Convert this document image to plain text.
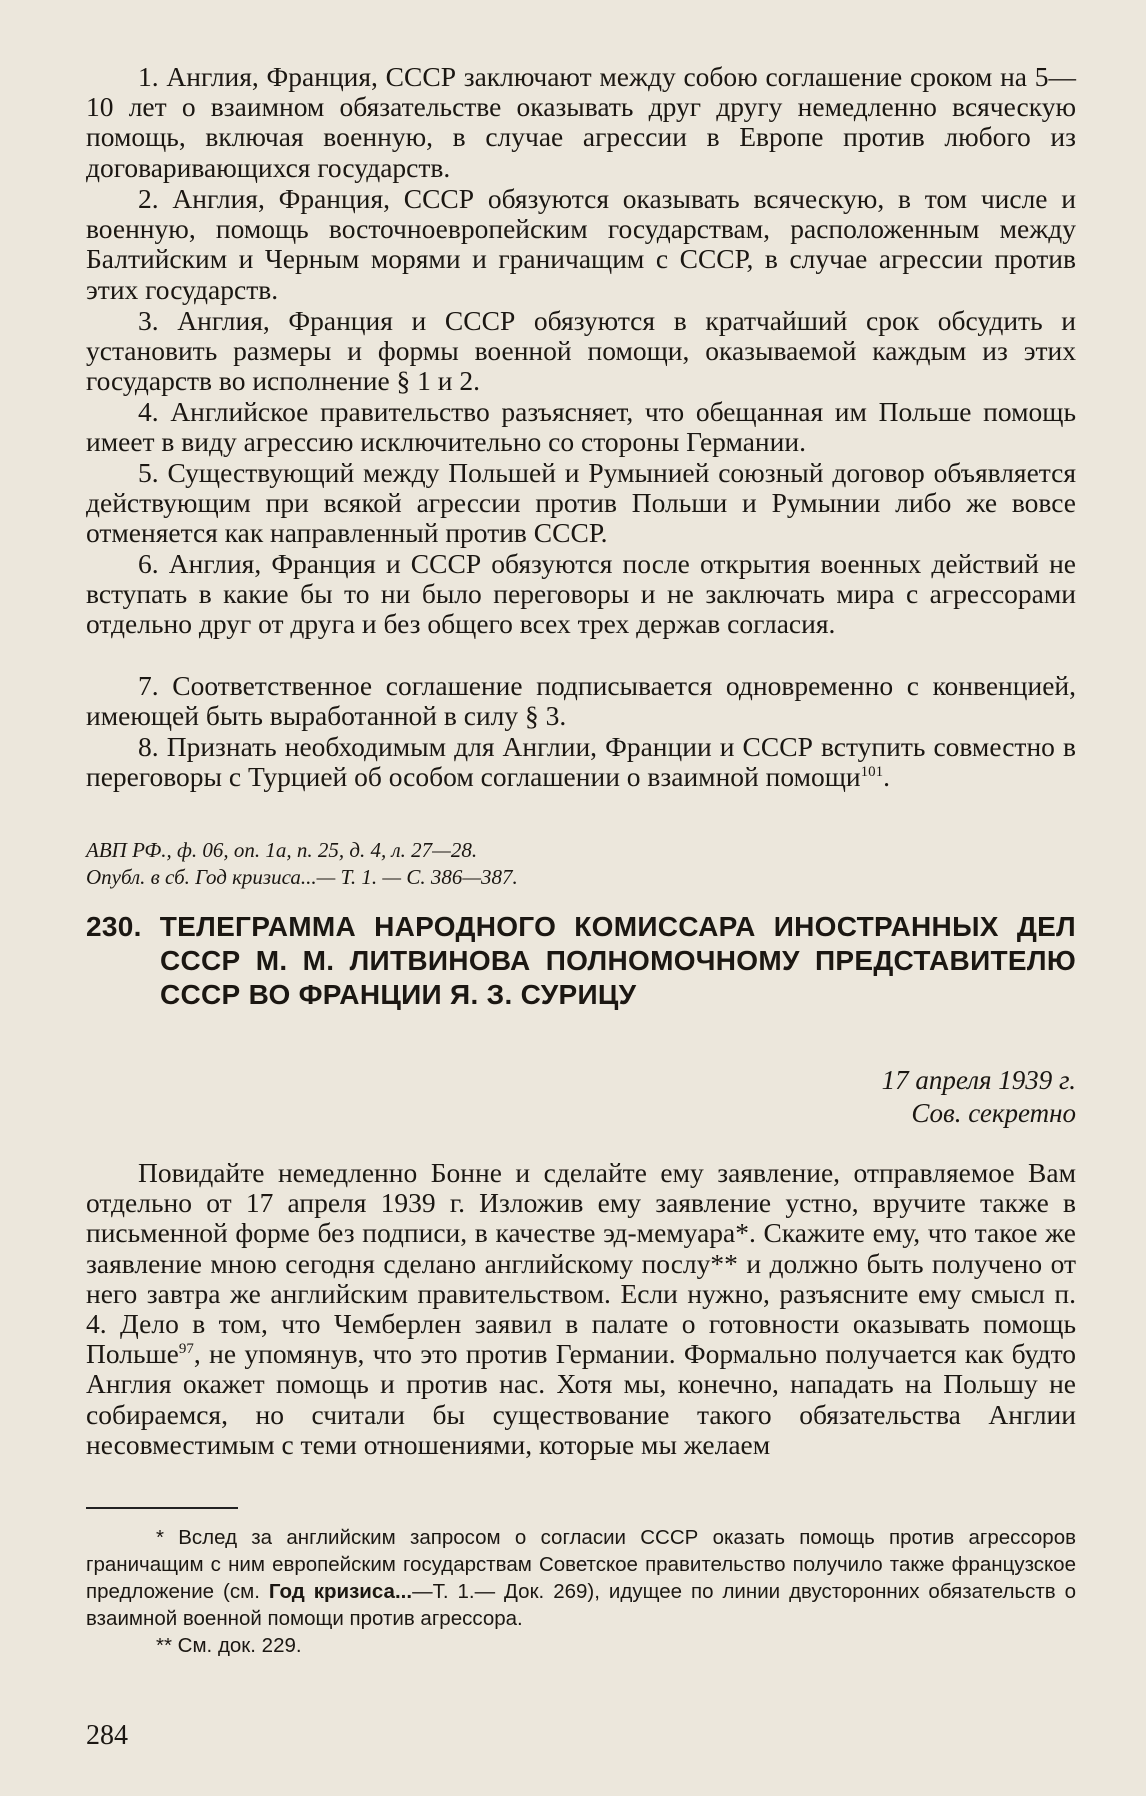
1. Англия, Франция, СССР заключают между собою соглашение сроком на 5—10 лет о взаимном обязательстве оказывать друг другу немедленно всяческую помощь, включая военную, в случае агрессии в Европе против любого из договаривающихся государств.

2. Англия, Франция, СССР обязуются оказывать всяческую, в том числе и военную, помощь восточноевропейским государствам, расположенным между Балтийским и Черным морями и граничащим с СССР, в случае агрессии против этих государств.

3. Англия, Франция и СССР обязуются в кратчайший срок обсудить и установить размеры и формы военной помощи, оказываемой каждым из этих государств во исполнение § 1 и 2.

4. Английское правительство разъясняет, что обещанная им Польше помощь имеет в виду агрессию исключительно со стороны Германии.

5. Существующий между Польшей и Румынией союзный договор объявляется действующим при всякой агрессии против Польши и Румынии либо же вовсе отменяется как направленный против СССР.

6. Англия, Франция и СССР обязуются после открытия военных действий не вступать в какие бы то ни было переговоры и не заключать мира с агрессорами отдельно друг от друга и без общего всех трех держав согласия.

7. Соответственное соглашение подписывается одновременно с конвенцией, имеющей быть выработанной в силу § 3.

8. Признать необходимым для Англии, Франции и СССР вступить совместно в переговоры с Турцией об особом соглашении о взаимной помощи$^{101}$.

АВП РФ., ф. 06, оп. 1а, п. 25, д. 4, л. 27—28.

Опубл. в сб. Год кризиса...— Т. 1. — С. 386—387.

230. ТЕЛЕГРАММА НАРОДНОГО КОМИССАРА ИНОСТРАННЫХ ДЕЛ СССР М. М. ЛИТВИНОВА ПОЛНОМОЧНОМУ ПРЕДСТАВИТЕЛЮ СССР ВО ФРАНЦИИ Я. З. СУРИЦУ

17 апреля 1939 г.

Сов. секретно

Повидайте немедленно Бонне и сделайте ему заявление, отправляемое Вам отдельно от 17 апреля 1939 г. Изложив ему заявление устно, вручите также в письменной форме без подписи, в качестве эд-мемуара*. Скажите ему, что такое же заявление мною сегодня сделано английскому послу** и должно быть получено от него завтра же английским правительством. Если нужно, разъясните ему смысл п. 4. Дело в том, что Чемберлен заявил в палате о готовности оказывать помощь Польше$^{97}$, не упомянув, что это против Германии. Формально получается как будто Англия окажет помощь и против нас. Хотя мы, конечно, нападать на Польшу не собираемся, но считали бы существование такого обязательства Англии несовместимым с теми отношениями, которые мы желаем

* Вслед за английским запросом о согласии СССР оказать помощь против агрессоров граничащим с ним европейским государствам Советское правительство получило также французское предложение (см. Год кризиса...—Т. 1.— Док. 269), идущее по линии двусторонних обязательств о взаимной военной помощи против агрессора.

** См. док. 229.

284
